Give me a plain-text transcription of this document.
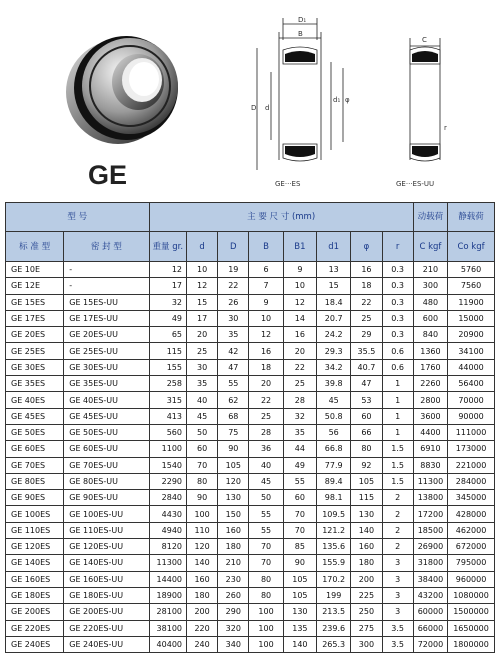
GE
D₁
B
D d
d₁ φ
GE···ES
C
r
GE···ES-UU
型 号		主 要 尺 寸 (mm)								动载荷	静载荷
标 准 型	密 封 型	重量 gr.	d	D	B	B1	d1	φ	r	C kgf	Co kgf
GE 10E	-	12	10	19	6	9	13	16	0.3	210	5760
GE 12E	-	17	12	22	7	10	15	18	0.3	300	7560
GE 15ES	GE 15ES-UU	32	15	26	9	12	18.4	22	0.3	480	11900
GE 17ES	GE 17ES-UU	49	17	30	10	14	20.7	25	0.3	600	15000
GE 20ES	GE 20ES-UU	65	20	35	12	16	24.2	29	0.3	840	20900
GE 25ES	GE 25ES-UU	115	25	42	16	20	29.3	35.5	0.6	1360	34100
GE 30ES	GE 30ES-UU	155	30	47	18	22	34.2	40.7	0.6	1760	44000
GE 35ES	GE 35ES-UU	258	35	55	20	25	39.8	47	1	2260	56400
GE 40ES	GE 40ES-UU	315	40	62	22	28	45	53	1	2800	70000
GE 45ES	GE 45ES-UU	413	45	68	25	32	50.8	60	1	3600	90000
GE 50ES	GE 50ES-UU	560	50	75	28	35	56	66	1	4400	111000
GE 60ES	GE 60ES-UU	1100	60	90	36	44	66.8	80	1.5	6910	173000
GE 70ES	GE 70ES-UU	1540	70	105	40	49	77.9	92	1.5	8830	221000
GE 80ES	GE 80ES-UU	2290	80	120	45	55	89.4	105	1.5	11300	284000
GE 90ES	GE 90ES-UU	2840	90	130	50	60	98.1	115	2	13800	345000
GE 100ES	GE 100ES-UU	4430	100	150	55	70	109.5	130	2	17200	428000
GE 110ES	GE 110ES-UU	4940	110	160	55	70	121.2	140	2	18500	462000
GE 120ES	GE 120ES-UU	8120	120	180	70	85	135.6	160	2	26900	672000
GE 140ES	GE 140ES-UU	11300	140	210	70	90	155.9	180	3	31800	795000
GE 160ES	GE 160ES-UU	14400	160	230	80	105	170.2	200	3	38400	960000
GE 180ES	GE 180ES-UU	18900	180	260	80	105	199	225	3	43200	1080000
GE 200ES	GE 200ES-UU	28100	200	290	100	130	213.5	250	3	60000	1500000
GE 220ES	GE 220ES-UU	38100	220	320	100	135	239.6	275	3.5	66000	1650000
GE 240ES	GE 240ES-UU	40400	240	340	100	140	265.3	300	3.5	72000	1800000
